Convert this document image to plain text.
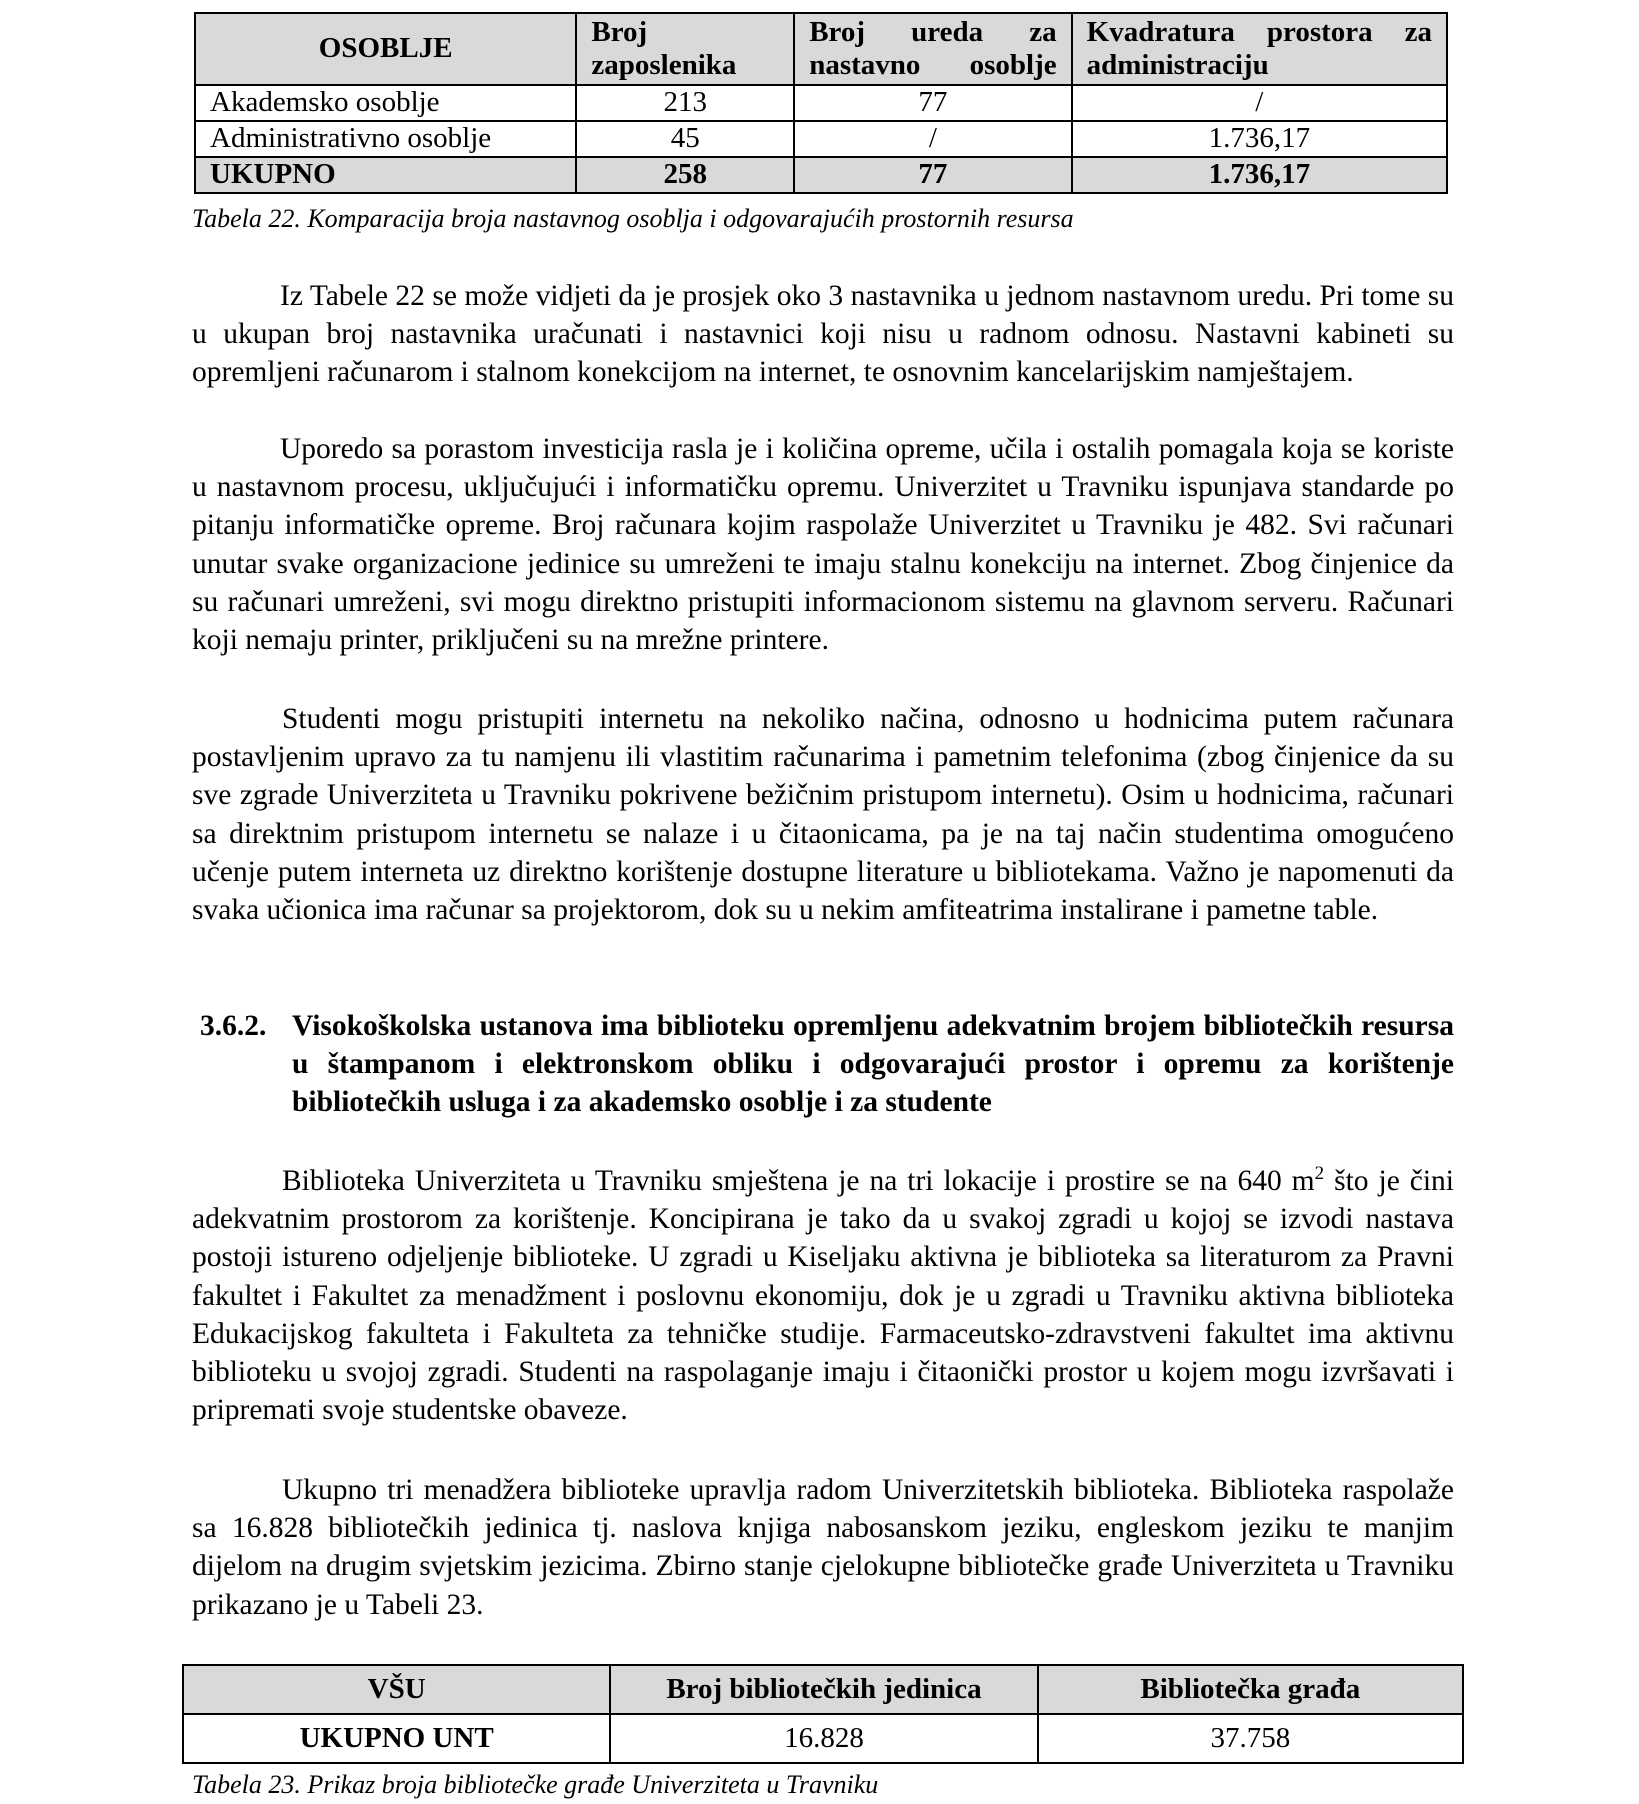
OSOBLJE	Broj zaposlenika	Broj ureda za nastavno osoblje	Kvadratura prostora za administraciju
Akademsko osoblje	213	77	/
Administrativno osoblje	45	/	1.736,17
UKUPNO	258	77	1.736,17
Tabela 22. Komparacija broja nastavnog osoblja i odgovarajućih prostornih resursa

Iz Tabele 22 se može vidjeti da je prosjek oko 3 nastavnika u jednom nastavnom uredu. Pri tome su u ukupan broj nastavnika uračunati i nastavnici koji nisu u radnom odnosu. Nastavni kabineti su opremljeni računarom i stalnom konekcijom na internet, te osnovnim kancelarijskim namještajem.

Uporedo sa porastom investicija rasla je i količina opreme, učila i ostalih pomagala koja se koriste u nastavnom procesu, uključujući i informatičku opremu. Univerzitet u Travniku ispunjava standarde po pitanju informatičke opreme. Broj računara kojim raspolaže Univerzitet u Travniku je 482. Svi računari unutar svake organizacione jedinice su umreženi te imaju stalnu konekciju na internet. Zbog činjenice da su računari umreženi, svi mogu direktno pristupiti informacionom sistemu na glavnom serveru. Računari koji nemaju printer, priključeni su na mrežne printere.

Studenti mogu pristupiti internetu na nekoliko načina, odnosno u hodnicima putem računara postavljenim upravo za tu namjenu ili vlastitim računarima i pametnim telefonima (zbog činjenice da su sve zgrade Univerziteta u Travniku pokrivene bežičnim pristupom internetu). Osim u hodnicima, računari sa direktnim pristupom internetu se nalaze i u čitaonicama, pa je na taj način studentima omogućeno učenje putem interneta uz direktno korištenje dostupne literature u bibliotekama. Važno je napomenuti da svaka učionica ima računar sa projektorom, dok su u nekim amfiteatrima instalirane i pametne table.

3.6.2. Visokoškolska ustanova ima biblioteku opremljenu adekvatnim brojem bibliotečkih resursa u štampanom i elektronskom obliku i odgovarajući prostor i opremu za korištenje bibliotečkih usluga i za akademsko osoblje i za studente

Biblioteka Univerziteta u Travniku smještena je na tri lokacije i prostire se na 640 $m^2$ što je čini adekvatnim prostorom za korištenje. Koncipirana je tako da u svakoj zgradi u kojoj se izvodi nastava postoji istureno odjeljenje biblioteke. U zgradi u Kiseljaku aktivna je biblioteka sa literaturom za Pravni fakultet i Fakultet za menadžment i poslovnu ekonomiju, dok je u zgradi u Travniku aktivna biblioteka Edukacijskog fakulteta i Fakulteta za tehničke studije. Farmaceutsko-zdravstveni fakultet ima aktivnu biblioteku u svojoj zgradi. Studenti na raspolaganje imaju i čitaonički prostor u kojem mogu izvršavati i pripremati svoje studentske obaveze.

Ukupno tri menadžera biblioteke upravlja radom Univerzitetskih biblioteka. Biblioteka raspolaže sa 16.828 bibliotečkih jedinica tj. naslova knjiga nabosanskom jeziku, engleskom jeziku te manjim dijelom na drugim svjetskim jezicima. Zbirno stanje cjelokupne bibliotečke građe Univerziteta u Travniku prikazano je u Tabeli 23.

VŠU	Broj bibliotečkih jedinica	Bibliotečka građa
UKUPNO UNT	16.828	37.758
Tabela 23. Prikaz broja bibliotečke građe Univerziteta u Travniku
